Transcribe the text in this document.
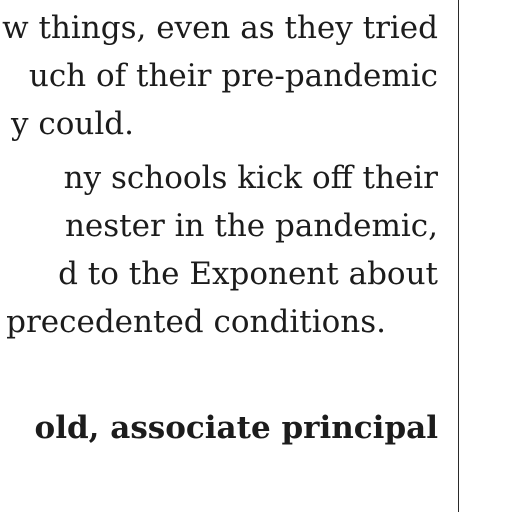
w things, even as they tried
uch of their pre-pandemic
y could.
ny schools kick off their
nester in the pandemic,
d to the Exponent about
precedented conditions.
old, associate principal
